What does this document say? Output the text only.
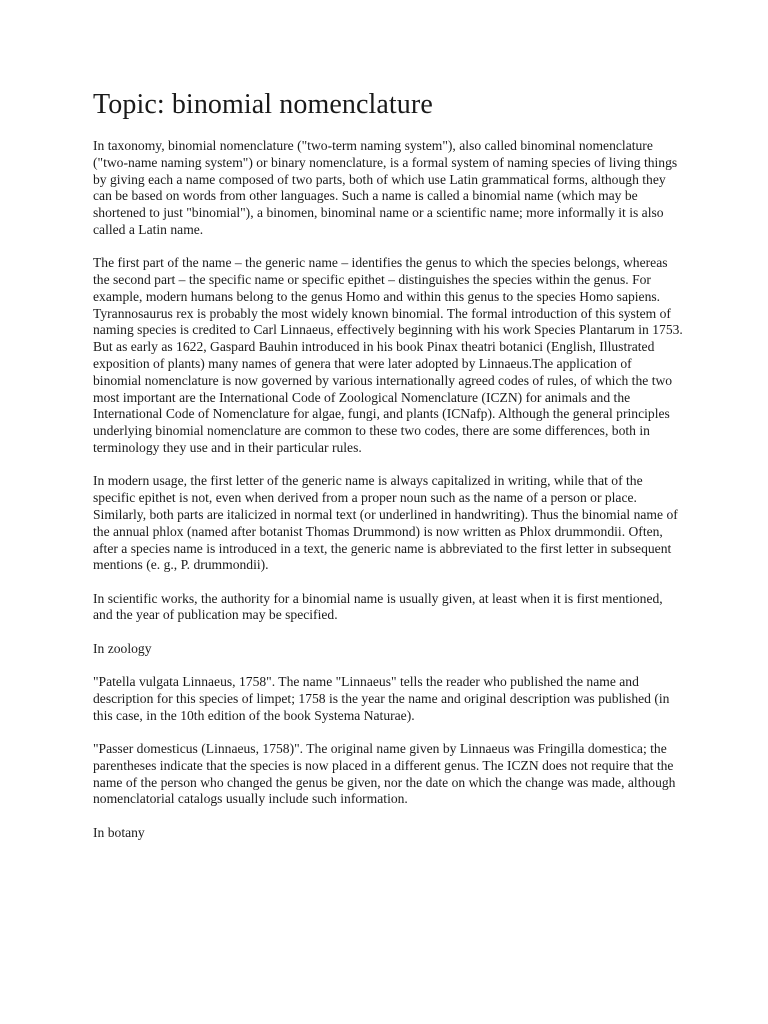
Topic: binomial nomenclature

In taxonomy, binomial nomenclature ("two-term naming system"), also called binominal nomenclature ("two-name naming system") or binary nomenclature, is a formal system of naming species of living things by giving each a name composed of two parts, both of which use Latin grammatical forms, although they can be based on words from other languages. Such a name is called a binomial name (which may be shortened to just "binomial"), a binomen, binominal name or a scientific name; more informally it is also called a Latin name.

The first part of the name – the generic name – identifies the genus to which the species belongs, whereas the second part – the specific name or specific epithet – distinguishes the species within the genus. For example, modern humans belong to the genus Homo and within this genus to the species Homo sapiens. Tyrannosaurus rex is probably the most widely known binomial. The formal introduction of this system of naming species is credited to Carl Linnaeus, effectively beginning with his work Species Plantarum in 1753. But as early as 1622, Gaspard Bauhin introduced in his book Pinax theatri botanici (English, Illustrated exposition of plants) many names of genera that were later adopted by Linnaeus.The application of binomial nomenclature is now governed by various internationally agreed codes of rules, of which the two most important are the International Code of Zoological Nomenclature (ICZN) for animals and the International Code of Nomenclature for algae, fungi, and plants (ICNafp). Although the general principles underlying binomial nomenclature are common to these two codes, there are some differences, both in terminology they use and in their particular rules.

In modern usage, the first letter of the generic name is always capitalized in writing, while that of the specific epithet is not, even when derived from a proper noun such as the name of a person or place. Similarly, both parts are italicized in normal text (or underlined in handwriting). Thus the binomial name of the annual phlox (named after botanist Thomas Drummond) is now written as Phlox drummondii. Often, after a species name is introduced in a text, the generic name is abbreviated to the first letter in subsequent mentions (e. g., P. drummondii).

In scientific works, the authority for a binomial name is usually given, at least when it is first mentioned, and the year of publication may be specified.

In zoology

"Patella vulgata Linnaeus, 1758". The name "Linnaeus" tells the reader who published the name and description for this species of limpet; 1758 is the year the name and original description was published (in this case, in the 10th edition of the book Systema Naturae).

"Passer domesticus (Linnaeus, 1758)". The original name given by Linnaeus was Fringilla domestica; the parentheses indicate that the species is now placed in a different genus. The ICZN does not require that the name of the person who changed the genus be given, nor the date on which the change was made, although nomenclatorial catalogs usually include such information.

In botany
